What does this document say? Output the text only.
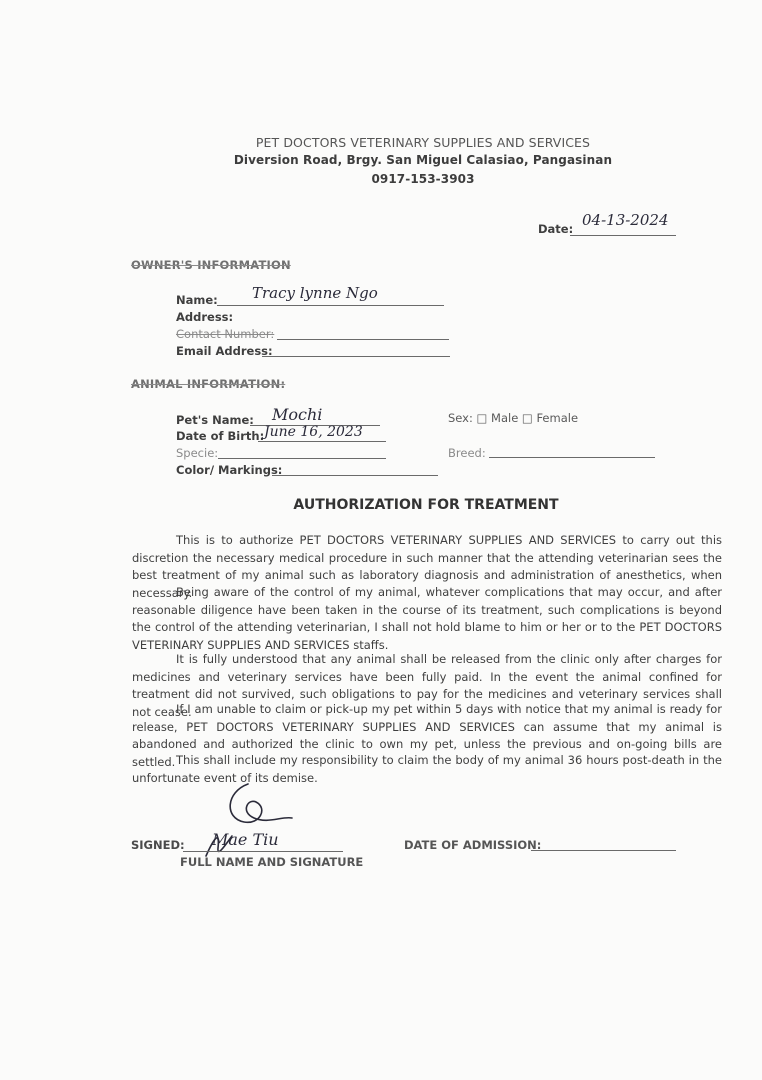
PET DOCTORS VETERINARY SUPPLIES AND SERVICES
Diversion Road, Brgy. San Miguel Calasiao, Pangasinan
0917-153-3903
Date: 04-13-2024
OWNER'S INFORMATION
Name: Tracy lynne Ngo
Address:
Contact Number:
Email Address:
ANIMAL INFORMATION:
Pet's Name: Mochi
Date of Birth: June 16, 2023
Specie:
Color/ Markings:
Sex: □ Male □ Female
Breed:
AUTHORIZATION FOR TREATMENT

This is to authorize PET DOCTORS VETERINARY SUPPLIES AND SERVICES to carry out this discretion the necessary medical procedure in such manner that the attending veterinarian sees the best treatment of my animal such as laboratory diagnosis and administration of anesthetics, when necessary.

Being aware of the control of my animal, whatever complications that may occur, and after reasonable diligence have been taken in the course of its treatment, such complications is beyond the control of the attending veterinarian, I shall not hold blame to him or her or to the PET DOCTORS VETERINARY SUPPLIES AND SERVICES staffs.

It is fully understood that any animal shall be released from the clinic only after charges for medicines and veterinary services have been fully paid. In the event the animal confined for treatment did not survived, such obligations to pay for the medicines and veterinary services shall not cease.

If I am unable to claim or pick-up my pet within 5 days with notice that my animal is ready for release, PET DOCTORS VETERINARY SUPPLIES AND SERVICES can assume that my animal is abandoned and authorized the clinic to own my pet, unless the previous and on-going bills are settled. This shall include my responsibility to claim the body of my animal 36 hours post-death in the unfortunate event of its demise.

SIGNED: Mae Tiu
FULL NAME AND SIGNATURE
DATE OF ADMISSION:
